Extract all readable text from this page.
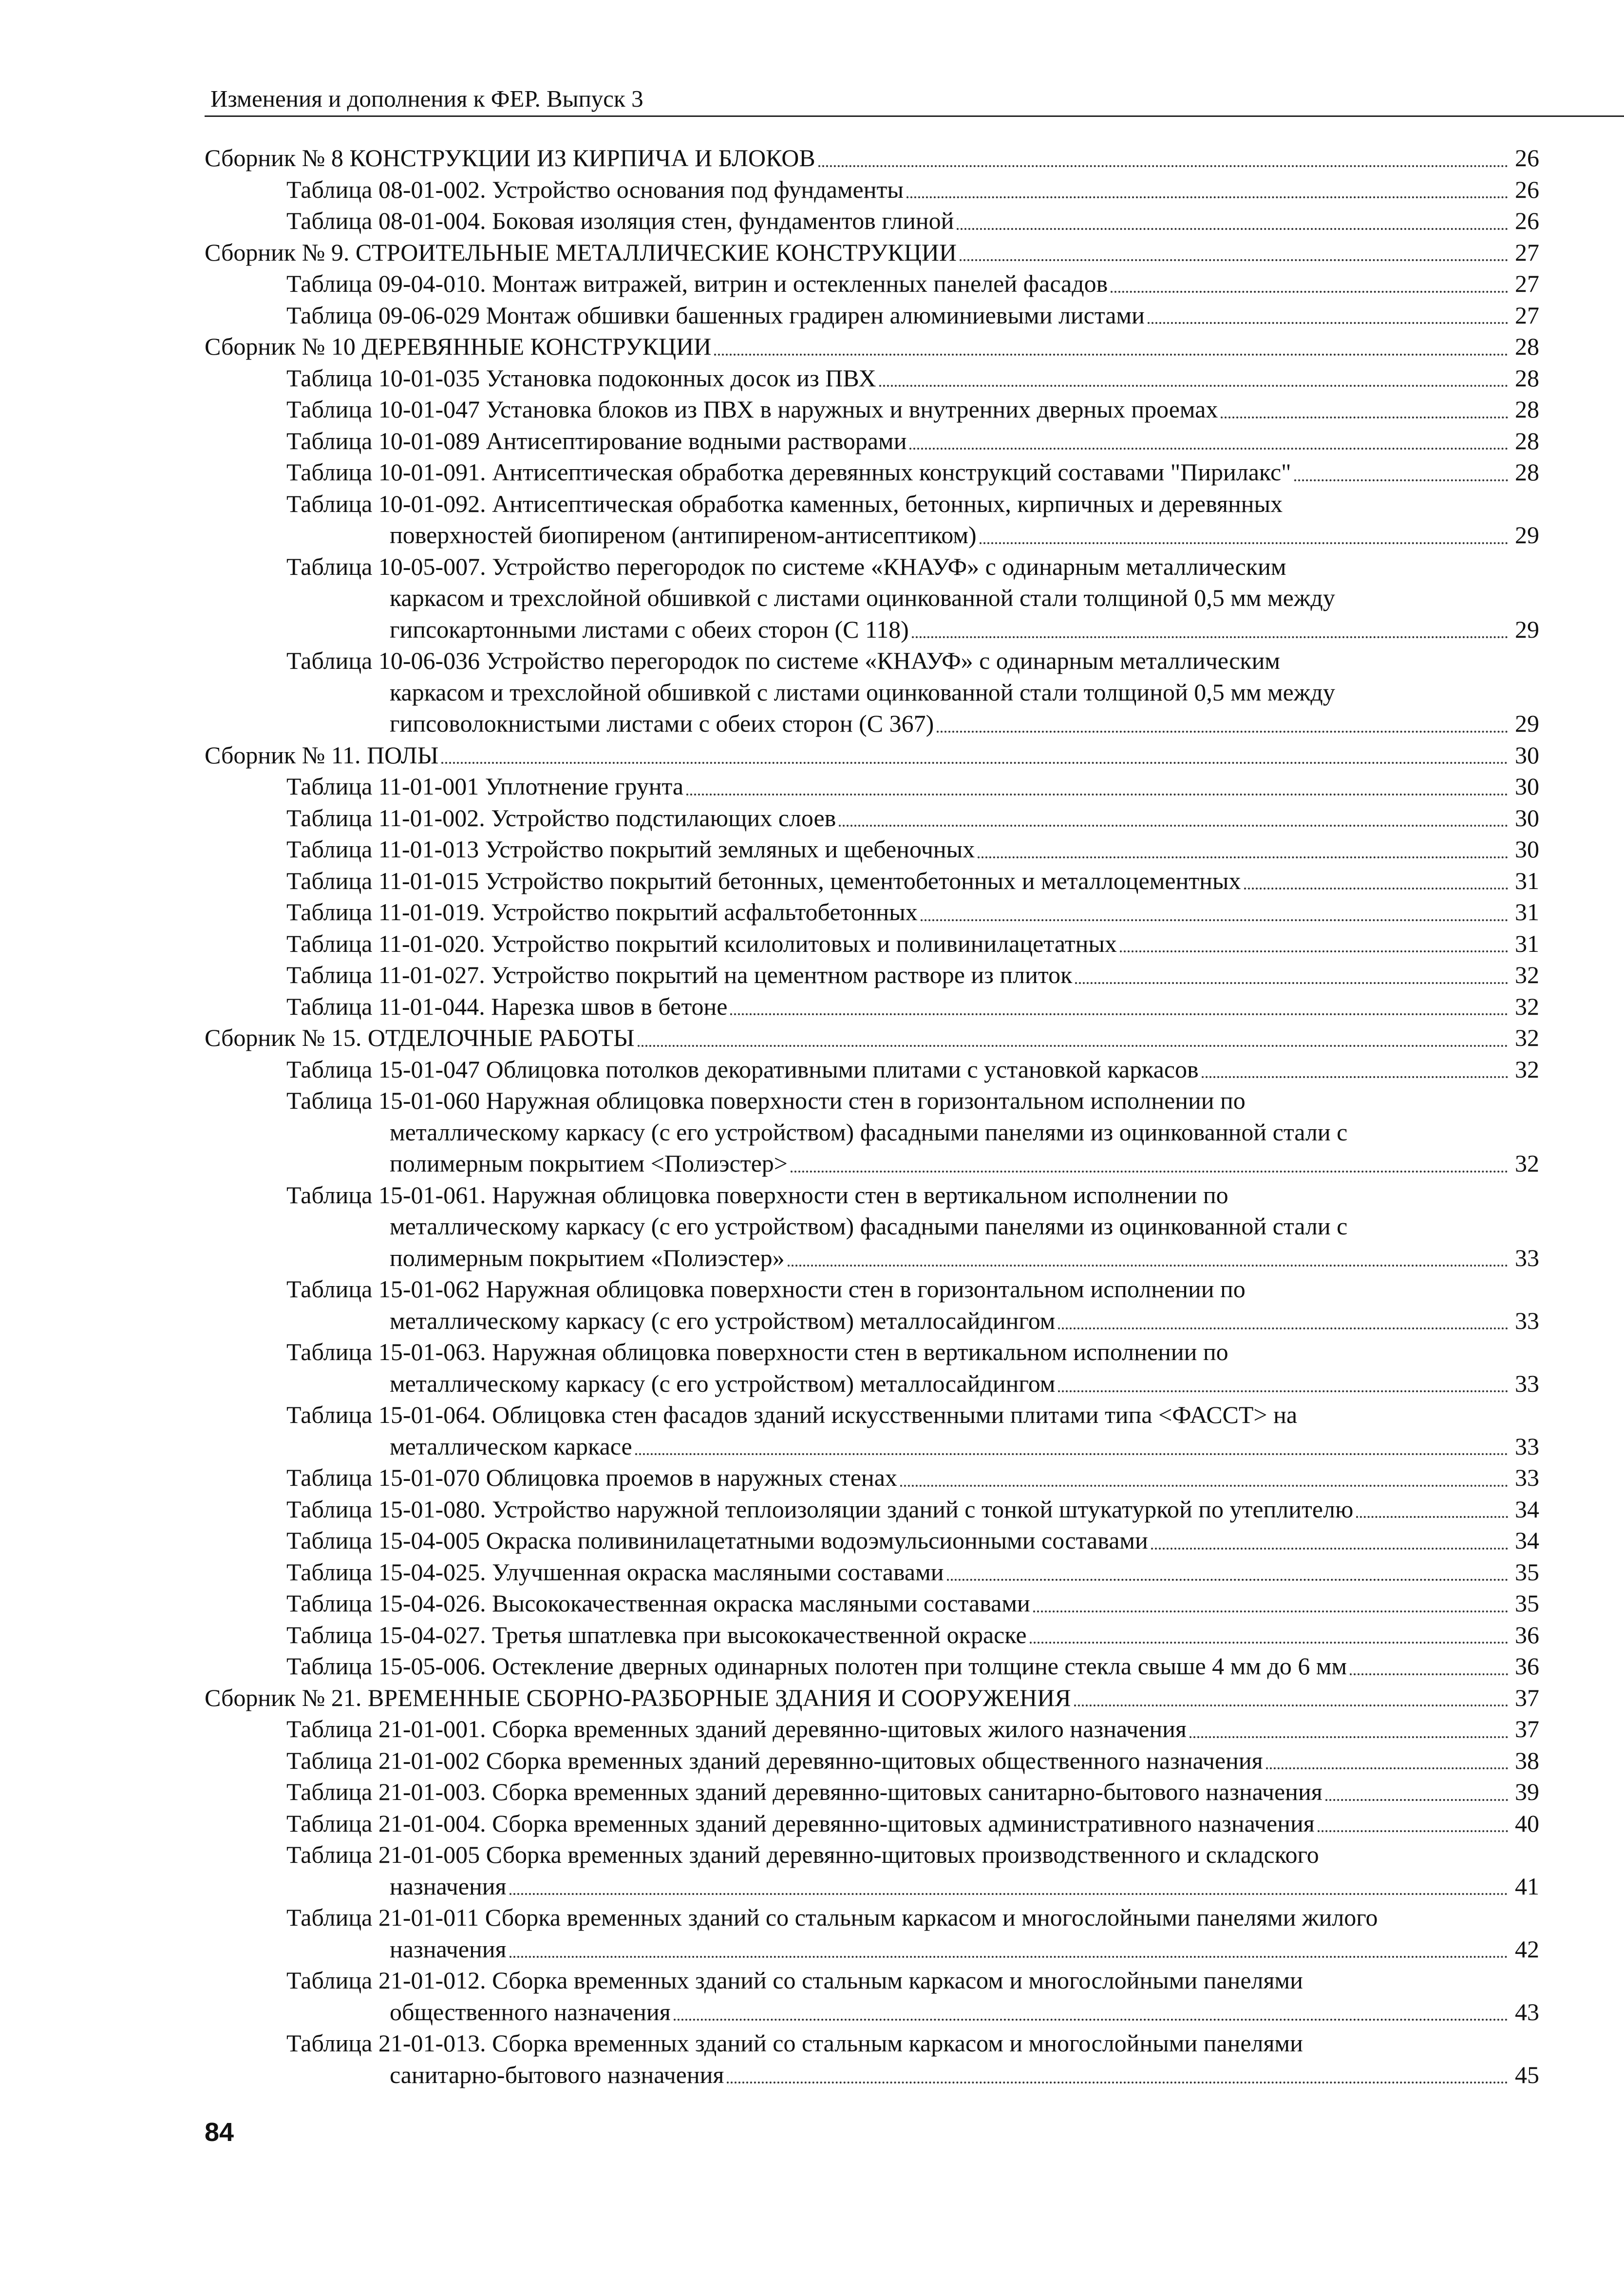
Изменения и дополнения к ФЕР. Выпуск 3
Сборник № 8 КОНСТРУКЦИИ ИЗ КИРПИЧА И БЛОКОВ	26
Таблица 08-01-002. Устройство основания под фундаменты	26
Таблица 08-01-004. Боковая изоляция стен, фундаментов глиной	26
Сборник № 9. СТРОИТЕЛЬНЫЕ МЕТАЛЛИЧЕСКИЕ КОНСТРУКЦИИ	27
Таблица 09-04-010. Монтаж витражей, витрин и остекленных панелей фасадов	27
Таблица 09-06-029 Монтаж обшивки башенных градирен алюминиевыми листами	27
Сборник № 10 ДЕРЕВЯННЫЕ КОНСТРУКЦИИ	28
Таблица 10-01-035 Установка подоконных досок из ПВХ	28
Таблица 10-01-047 Установка блоков из ПВХ в наружных и внутренних дверных проемах	28
Таблица 10-01-089 Антисептирование водными растворами	28
Таблица 10-01-091. Антисептическая обработка деревянных конструкций составами "Пирилакс"	28
Таблица 10-01-092. Антисептическая обработка каменных, бетонных, кирпичных и деревянных
поверхностей биопиреном (антипиреном-антисептиком)	29
Таблица 10-05-007. Устройство перегородок по системе «КНАУФ» с одинарным металлическим
каркасом и трехслойной обшивкой с листами оцинкованной стали толщиной 0,5 мм между
гипсокартонными листами с обеих сторон (С 118)	29
Таблица 10-06-036 Устройство перегородок по системе «КНАУФ» с одинарным металлическим
каркасом и трехслойной обшивкой с листами оцинкованной стали толщиной 0,5 мм между
гипсоволокнистыми листами с обеих сторон (С 367)	29
Сборник № 11. ПОЛЫ	30
Таблица 11-01-001 Уплотнение грунта	30
Таблица 11-01-002. Устройство подстилающих слоев	30
Таблица 11-01-013 Устройство покрытий земляных и щебеночных	30
Таблица 11-01-015 Устройство покрытий бетонных, цементобетонных и металлоцементных	31
Таблица 11-01-019. Устройство покрытий асфальтобетонных	31
Таблица 11-01-020. Устройство покрытий ксилолитовых и поливинилацетатных	31
Таблица 11-01-027. Устройство покрытий на цементном растворе из плиток	32
Таблица 11-01-044. Нарезка швов в бетоне	32
Сборник № 15. ОТДЕЛОЧНЫЕ РАБОТЫ	32
Таблица 15-01-047 Облицовка потолков декоративными плитами с установкой каркасов	32
Таблица 15-01-060 Наружная облицовка поверхности стен в горизонтальном исполнении по
металлическому каркасу (с его устройством) фасадными панелями из оцинкованной стали с
полимерным покрытием <Полиэстер>	32
Таблица 15-01-061. Наружная облицовка поверхности стен в вертикальном исполнении по
металлическому каркасу (с его устройством) фасадными панелями из оцинкованной стали с
полимерным покрытием «Полиэстер»	33
Таблица 15-01-062 Наружная облицовка поверхности стен в горизонтальном исполнении по
металлическому каркасу (с его устройством) металлосайдингом	33
Таблица 15-01-063. Наружная облицовка поверхности стен в вертикальном исполнении по
металлическому каркасу (с его устройством) металлосайдингом	33
Таблица 15-01-064. Облицовка стен фасадов зданий искусственными плитами типа <ФАССТ> на
металлическом каркасе	33
Таблица 15-01-070 Облицовка проемов в наружных стенах	33
Таблица 15-01-080. Устройство наружной теплоизоляции зданий с тонкой штукатуркой по утеплителю	34
Таблица 15-04-005 Окраска поливинилацетатными водоэмульсионными составами	34
Таблица 15-04-025. Улучшенная окраска масляными составами	35
Таблица 15-04-026. Высококачественная окраска масляными составами	35
Таблица 15-04-027. Третья шпатлевка при высококачественной окраске	36
Таблица 15-05-006. Остекление дверных одинарных полотен при толщине стекла свыше 4 мм до 6 мм	36
Сборник № 21. ВРЕМЕННЫЕ СБОРНО-РАЗБОРНЫЕ ЗДАНИЯ И СООРУЖЕНИЯ	37
Таблица 21-01-001. Сборка временных зданий деревянно-щитовых жилого назначения	37
Таблица 21-01-002 Сборка временных зданий деревянно-щитовых общественного назначения	38
Таблица 21-01-003. Сборка временных зданий деревянно-щитовых санитарно-бытового назначения	39
Таблица 21-01-004. Сборка временных зданий деревянно-щитовых административного назначения	40
Таблица 21-01-005 Сборка временных зданий деревянно-щитовых производственного и складского
назначения	41
Таблица 21-01-011 Сборка временных зданий со стальным каркасом и многослойными панелями жилого
назначения	42
Таблица 21-01-012. Сборка временных зданий со стальным каркасом и многослойными панелями
общественного назначения	43
Таблица 21-01-013. Сборка временных зданий со стальным каркасом и многослойными панелями
санитарно-бытового назначения	45
84
